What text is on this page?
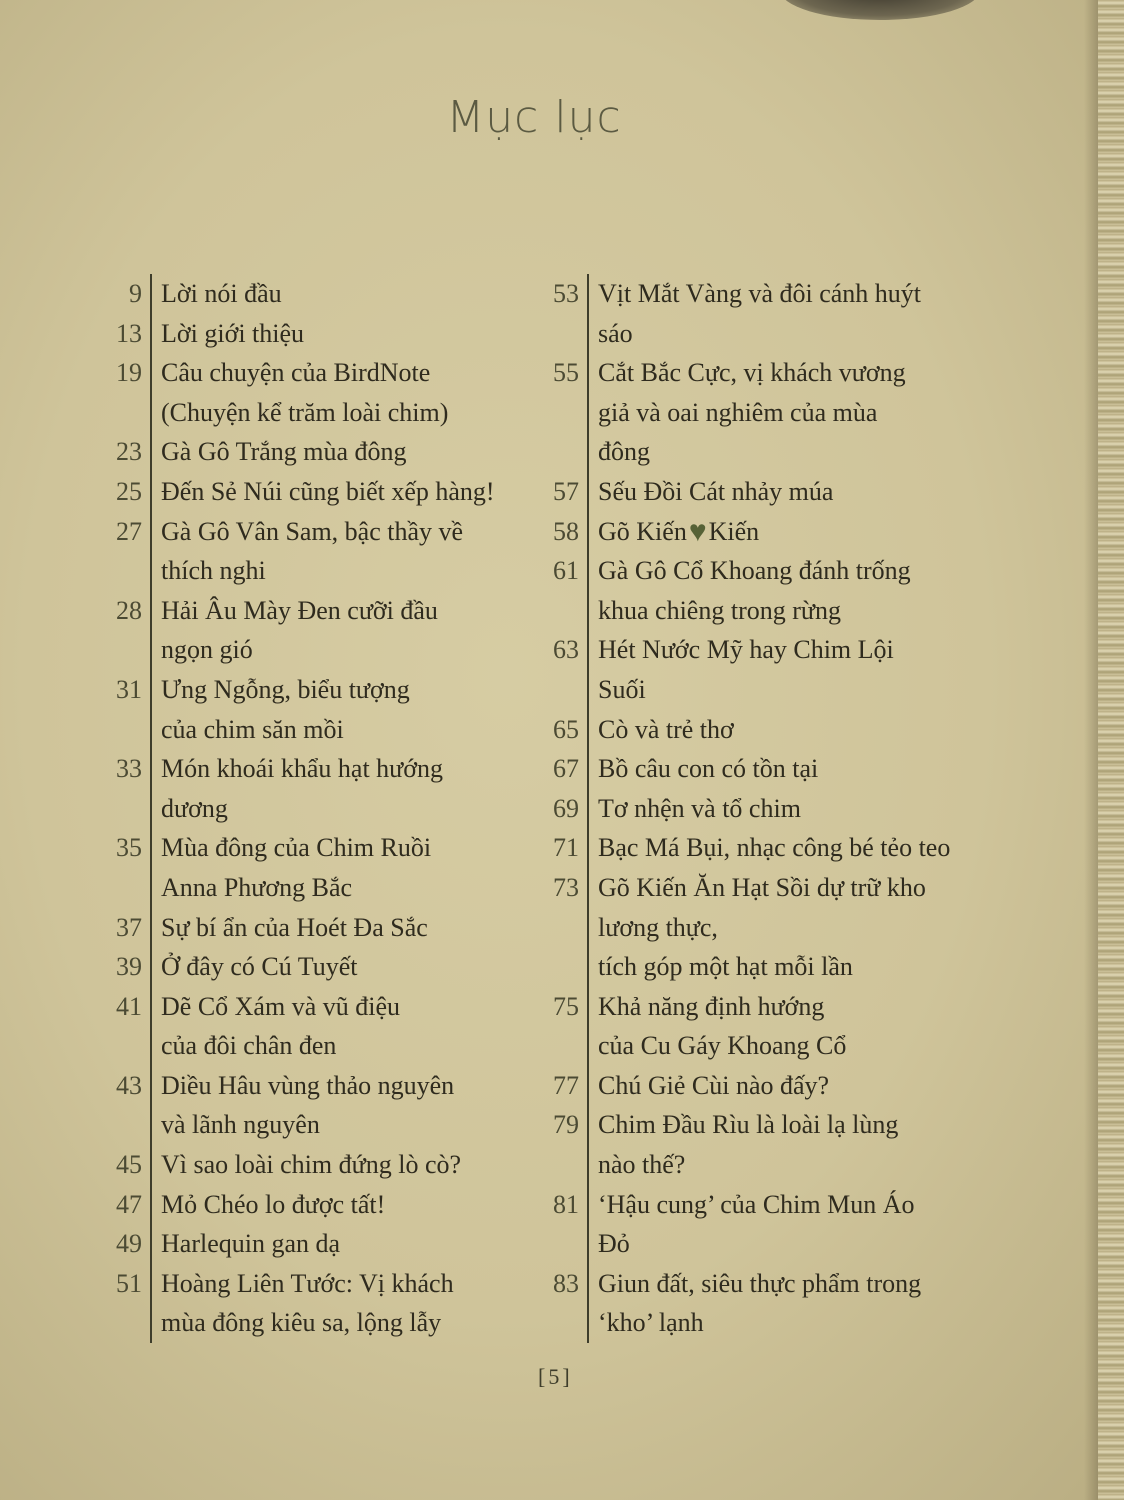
Mục lục
9 Lời nói đầu
13 Lời giới thiệu
19 Câu chuyện của BirdNote
(Chuyện kể trăm loài chim)
23 Gà Gô Trắng mùa đông
25 Đến Sẻ Núi cũng biết xếp hàng!
27 Gà Gô Vân Sam, bậc thầy về
thích nghi
28 Hải Âu Mày Đen cưỡi đầu
ngọn gió
31 Ưng Ngỗng, biểu tượng
của chim săn mồi
33 Món khoái khẩu hạt hướng
dương
35 Mùa đông của Chim Ruồi
Anna Phương Bắc
37 Sự bí ẩn của Hoét Đa Sắc
39 Ở đây có Cú Tuyết
41 Dẽ Cổ Xám và vũ điệu
của đôi chân đen
43 Diều Hâu vùng thảo nguyên
và lãnh nguyên
45 Vì sao loài chim đứng lò cò?
47 Mỏ Chéo lo được tất!
49 Harlequin gan dạ
51 Hoàng Liên Tước: Vị khách
mùa đông kiêu sa, lộng lẫy
53 Vịt Mắt Vàng và đôi cánh huýt
sáo
55 Cắt Bắc Cực, vị khách vương
giả và oai nghiêm của mùa
đông
57 Sếu Đồi Cát nhảy múa
58 Gõ Kiến♥Kiến
61 Gà Gô Cổ Khoang đánh trống
khua chiêng trong rừng
63 Hét Nước Mỹ hay Chim Lội
Suối
65 Cò và trẻ thơ
67 Bồ câu con có tồn tại
69 Tơ nhện và tổ chim
71 Bạc Má Bụi, nhạc công bé tẻo teo
73 Gõ Kiến Ăn Hạt Sồi dự trữ kho
lương thực,
tích góp một hạt mỗi lần
75 Khả năng định hướng
của Cu Gáy Khoang Cổ
77 Chú Giẻ Cùi nào đấy?
79 Chim Đầu Rìu là loài lạ lùng
nào thế?
81 ‘Hậu cung’ của Chim Mun Áo
Đỏ
83 Giun đất, siêu thực phẩm trong
‘kho’ lạnh
[5]
